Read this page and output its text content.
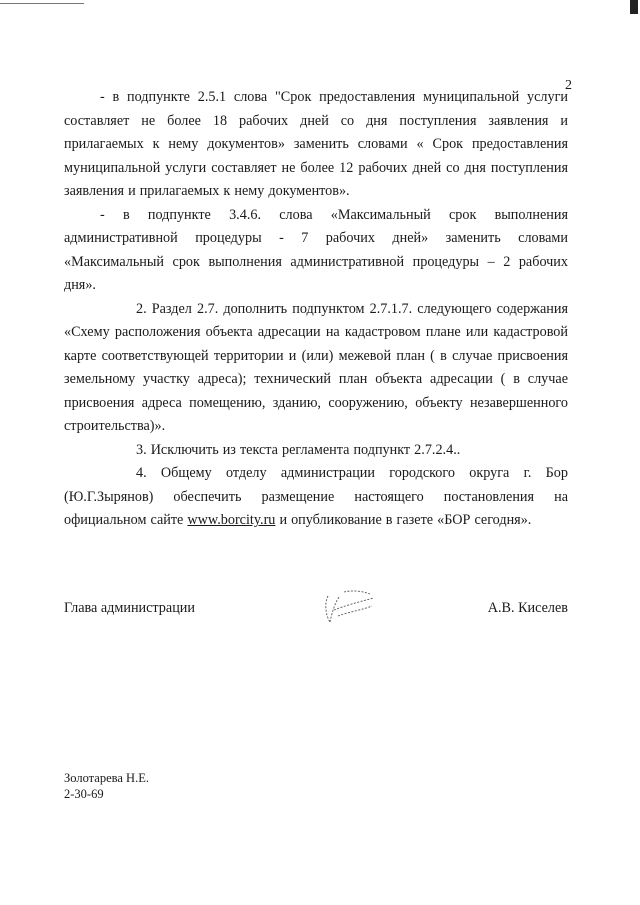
2

- в подпункте 2.5.1 слова "Срок предоставления муниципальной услуги составляет не более 18 рабочих дней со дня поступления заявления и прилагаемых к нему документов» заменить словами « Срок предоставления муниципальной услуги составляет не более 12 рабочих дней со дня поступления заявления и прилагаемых к нему документов».

- в подпункте 3.4.6. слова «Максимальный срок выполнения административной процедуры - 7 рабочих дней» заменить словами «Максимальный срок выполнения административной процедуры – 2 рабочих дня».

2. Раздел 2.7. дополнить подпунктом 2.7.1.7. следующего содержания «Схему расположения объекта адресации на кадастровом плане или кадастровой карте соответствующей территории и (или) межевой план ( в случае присвоения земельному участку адреса); технический план объекта адресации ( в случае присвоения адреса помещению, зданию, сооружению, объекту незавершенного строительства)».

3. Исключить из текста регламента подпункт 2.7.2.4..

4. Общему отделу администрации городского округа г. Бор (Ю.Г.Зырянов) обеспечить размещение настоящего постановления на официальном сайте www.borcity.ru и опубликование в газете «БОР сегодня».

Глава администрации	А.В. Киселев
Золотарева Н.Е.
2-30-69
